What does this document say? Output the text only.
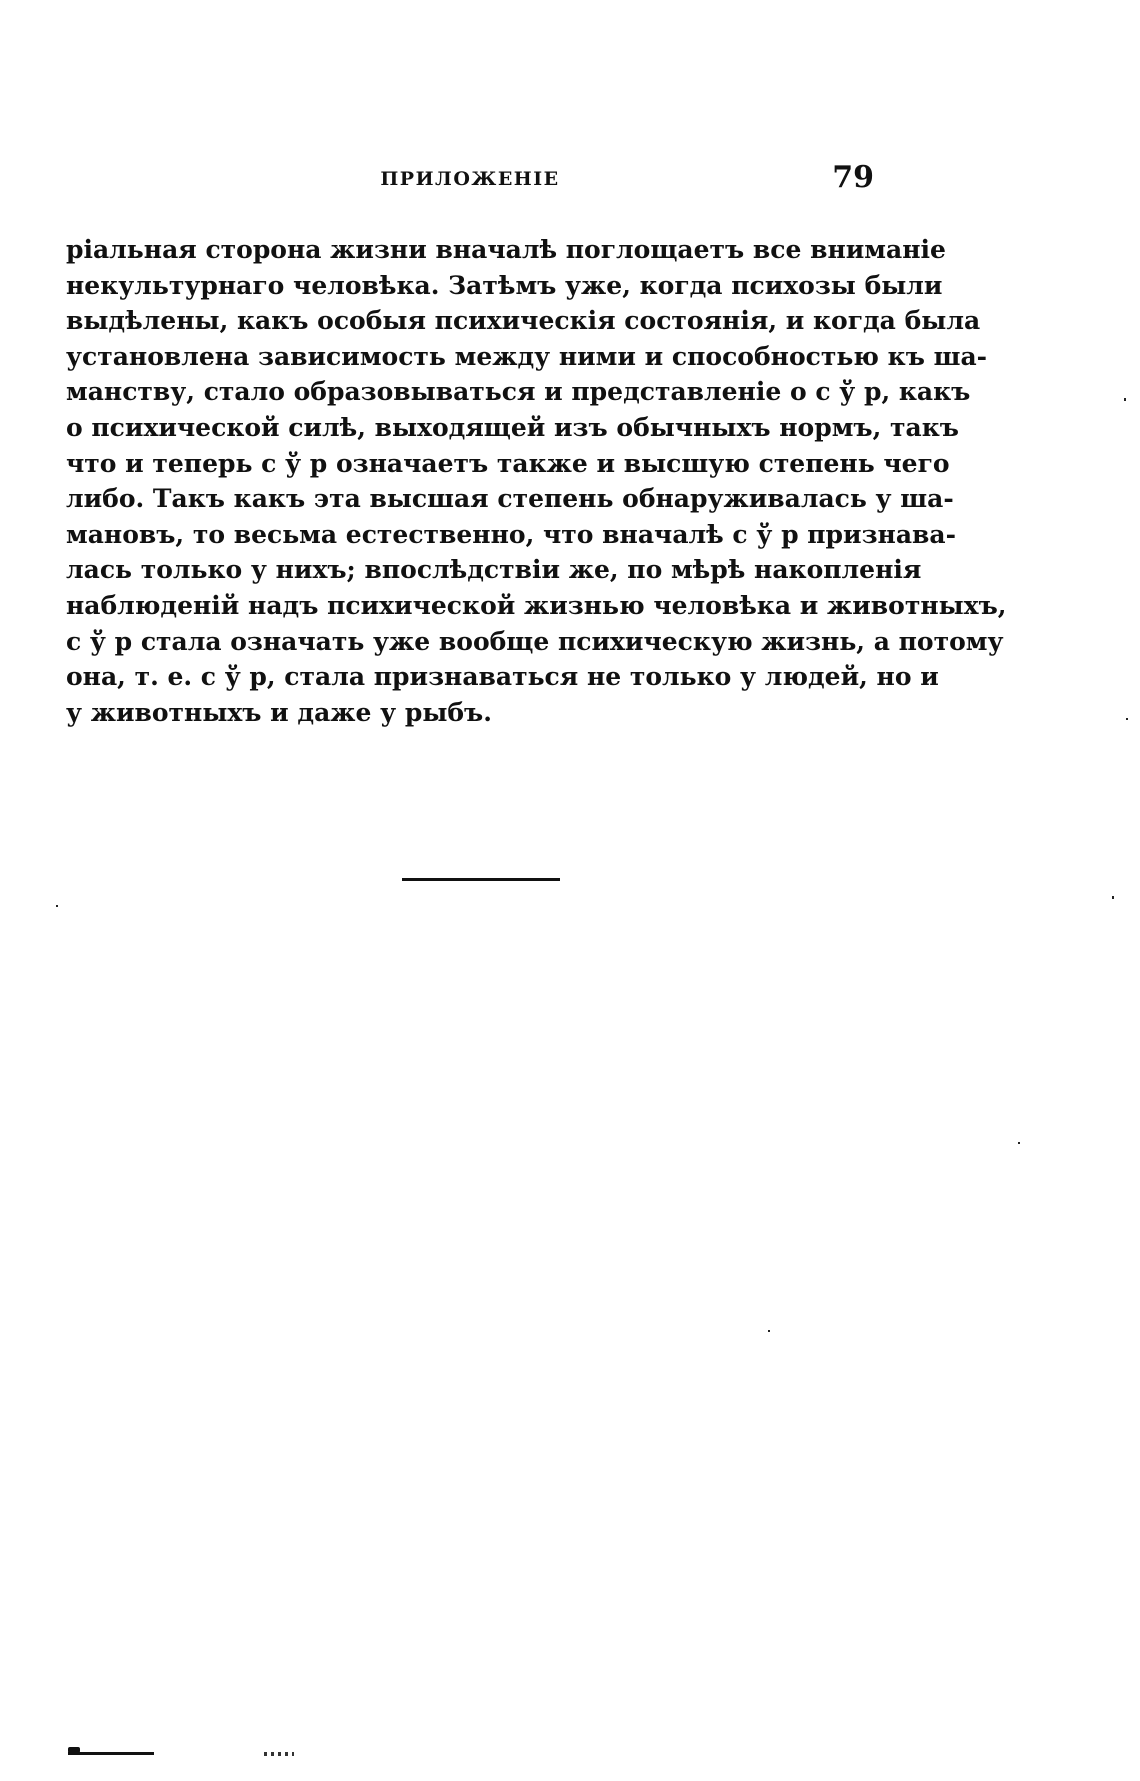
ПРИЛОЖЕНІЕ	79
ріальная сторона жизни вначалѣ поглощаетъ все вниманіе
некультурнаго человѣка. Затѣмъ уже, когда психозы были
выдѣлены, какъ особыя психическія состоянія, и когда была
установлена зависимость между ними и способностью къ ша-
манству, стало образовываться и представленіе о с ў р, какъ
о психической силѣ, выходящей изъ обычныхъ нормъ, такъ
что и теперь с ў р означаетъ также и высшую степень чего
либо. Такъ какъ эта высшая степень обнаруживалась у ша-
мановъ, то весьма естественно, что вначалѣ с ў р признава-
лась только у нихъ; впослѣдствіи же, по мѣрѣ накопленія
наблюденій надъ психической жизнью человѣка и животныхъ,
с ў р стала означать уже вообще психическую жизнь, а потому
она, т. е. с ў р, стала признаваться не только у людей, но и
у животныхъ и даже у рыбъ.
